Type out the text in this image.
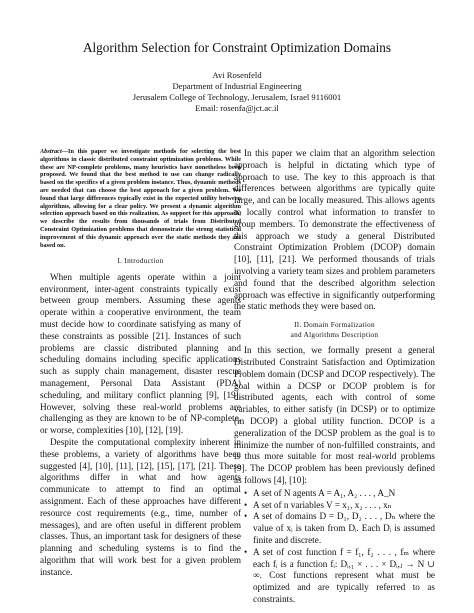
Algorithm Selection for Constraint Optimization Domains
Avi Rosenfeld
Department of Industrial Engineering
Jerusalem College of Technology, Jerusalem, Israel 9116001
Email: rosenfa@jct.ac.il

Abstract—In this paper we investigate methods for selecting the best algorithms in classic distributed constraint optimization problems. While these are NP-complete problems, many heuristics have nonetheless been proposed. We found that the best method to use can change radically based on the specifics of a given problem instance. Thus, dynamic methods are needed that can choose the best approach for a given problem. We found that large differences typically exist in the expected utility between algorithms, allowing for a clear policy. We present a dynamic algorithm selection approach based on this realization. As support for this approach, we describe the results from thousands of trials from Distributed Constraint Optimization problems that demonstrate the strong statistical improvement of this dynamic approach over the static methods they are based on.

I. Introduction

When multiple agents operate within a joint environment, inter-agent constraints typically exist between group members. Assuming these agents operate within a cooperative environment, the team must decide how to coordinate satisfying as many of these constraints as possible [21]. Instances of such problems are classic distributed planning and scheduling domains including specific applications such as supply chain management, disaster rescue management, Personal Data Assistant (PDA) scheduling, and military conflict planning [9], [19]. However, solving these real-world problems are challenging as they are known to be of NP-complete, or worse, complexities [10], [12], [19].

Despite the computational complexity inherent in these problems, a variety of algorithms have been suggested [4], [10], [11], [12], [15], [17], [21]. These algorithms differ in what and how agents communicate to attempt to find an optimal assignment. Each of these approaches have different resource cost requirements (e.g., time, number of messages), and are often useful in different problem classes. Thus, an important task for designers of these planning and scheduling systems is to find the algorithm that will work best for a given problem instance.

In this paper we claim that an algorithm selection approach is helpful in dictating which type of approach to use. The key to this approach is that differences between algorithms are typically quite large, and can be locally measured. This allows agents to locally control what information to transfer to group members. To demonstrate the effectiveness of this approach we study a general Distributed Constraint Optimization Problem (DCOP) domain [10], [11], [21]. We performed thousands of trials involving a variety team sizes and problem parameters and found that the described algorithm selection approach was effective in significantly outperforming the static methods they were based on.

II. Domain Formalization
and Algorithms Description

In this section, we formally present a general Distributed Constraint Satisfaction and Optimization Problem domain (DCSP and DCOP respectively). The goal within a DCSP or DCOP problem is for distributed agents, each with control of some variables, to either satisfy (in DCSP) or to optimize (in DCOP) a global utility function. DCOP is a generalization of the DCSP problem as the goal is to minimize the number of non-fulfilled constraints, and is thus more suitable for most real-world problems [9]. The DCOP problem has been previously defined as follows [4], [10]:

• A set of N agents A = A₁, A₂ . . . , A_N
• A set of n variables V = x₁, x₂ . . . , xₙ
• A set of domains D = D₁, D₂ . . . , Dₙ where the value of xᵢ is taken from Dᵢ. Each Dᵢ is assumed finite and discrete.
• A set of cost function f = f₁, f₂ . . . , fₘ where each fᵢ is a function fᵢ: Dᵢ,₁ × . . . × Dᵢ,ⱼ → N ∪ ∞. Cost functions represent what must be optimized and are typically referred to as constraints.
